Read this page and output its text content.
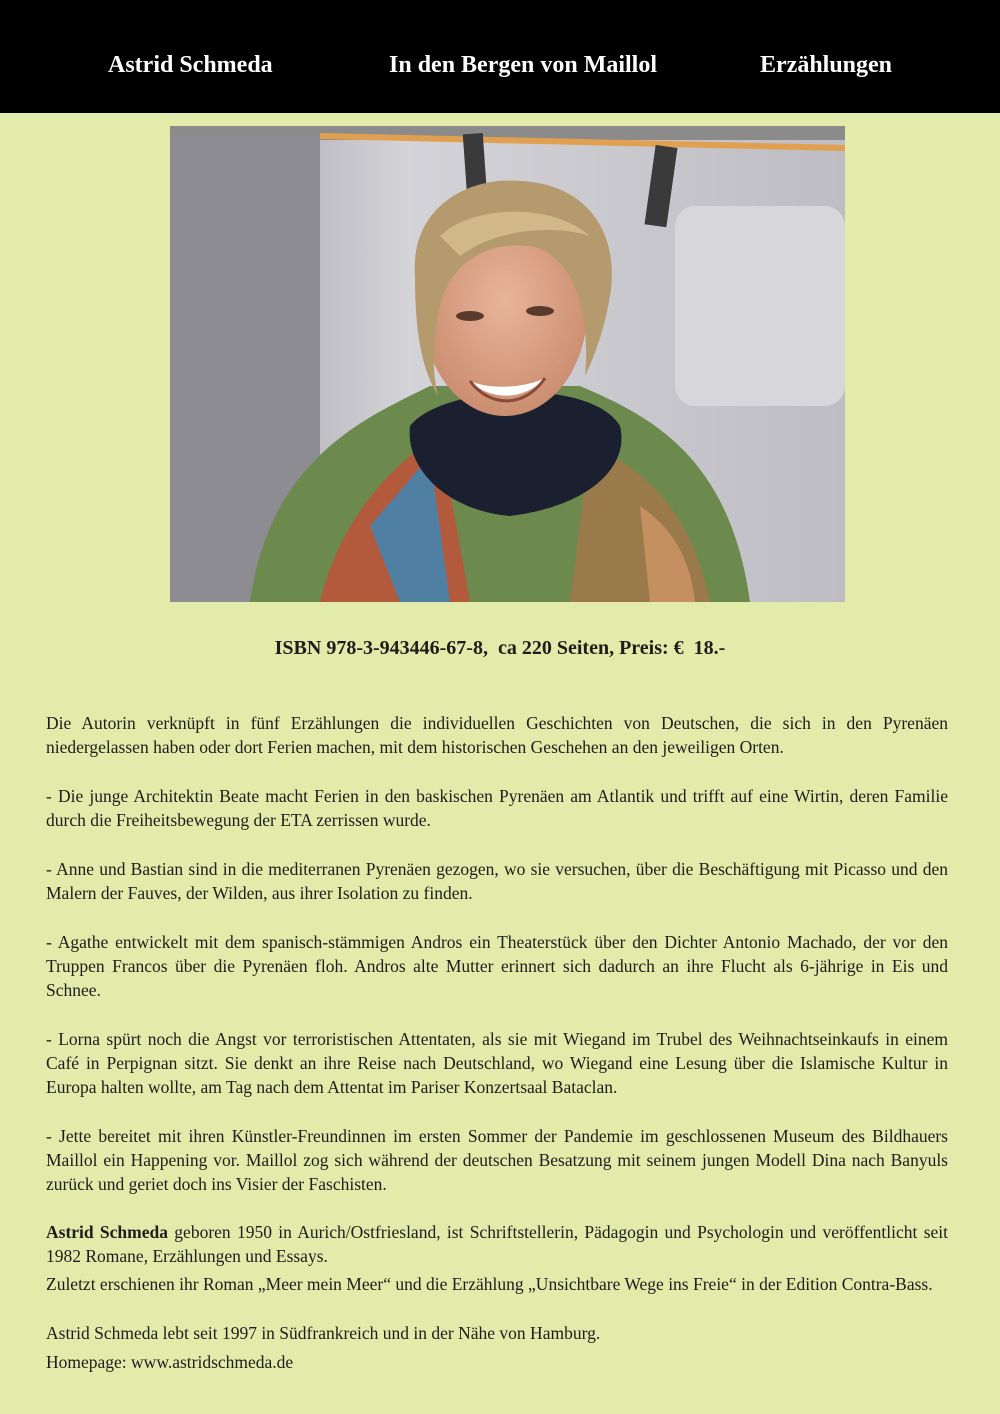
Astrid Schmeda	In den Bergen von Maillol	Erzählungen
ISBN 978-3-943446-67-8,  ca 220 Seiten, Preis: €  18.-

Die Autorin verknüpft in fünf Erzählungen die individuellen Geschichten von Deutschen, die sich in den Pyrenäen niedergelassen haben oder dort Ferien machen, mit dem historischen Geschehen an den jeweiligen Orten.

- Die junge Architektin Beate macht Ferien in den baskischen Pyrenäen am Atlantik und trifft auf eine Wirtin, deren Familie durch die Freiheitsbewegung der ETA zerrissen wurde.

- Anne und Bastian sind in die mediterranen Pyrenäen gezogen, wo sie versuchen, über die Beschäftigung mit Picasso und den Malern der Fauves, der Wilden, aus ihrer Isolation zu finden.

- Agathe entwickelt mit dem spanisch-stämmigen Andros ein Theaterstück über den Dichter Antonio Machado, der vor den Truppen Francos über die Pyrenäen floh. Andros alte Mutter erinnert sich dadurch an ihre Flucht als 6-jährige in Eis und Schnee.

- Lorna spürt noch die Angst vor terroristischen Attentaten, als sie mit Wiegand im Trubel des Weihnachtseinkaufs in einem Café in Perpignan sitzt. Sie denkt an ihre Reise nach Deutschland, wo Wiegand eine Lesung über die Islamische Kultur in Europa halten wollte, am Tag nach dem Attentat im Pariser Konzertsaal Bataclan.

- Jette bereitet mit ihren Künstler-Freundinnen im ersten Sommer der Pandemie im geschlossenen Museum des Bildhauers Maillol ein Happening vor. Maillol zog sich während der deutschen Besatzung mit seinem jungen Modell Dina nach Banyuls zurück und geriet doch ins Visier der Faschisten.

Astrid Schmeda geboren 1950 in Aurich/Ostfriesland, ist Schriftstellerin, Pädagogin und Psychologin und veröffentlicht seit 1982 Romane, Erzählungen und Essays.

Zuletzt erschienen ihr Roman „Meer mein Meer“ und die Erzählung „Unsichtbare Wege ins Freie“ in der Edition Contra-Bass.

Astrid Schmeda lebt seit 1997 in Südfrankreich und in der Nähe von Hamburg.

Homepage: www.astridschmeda.de
